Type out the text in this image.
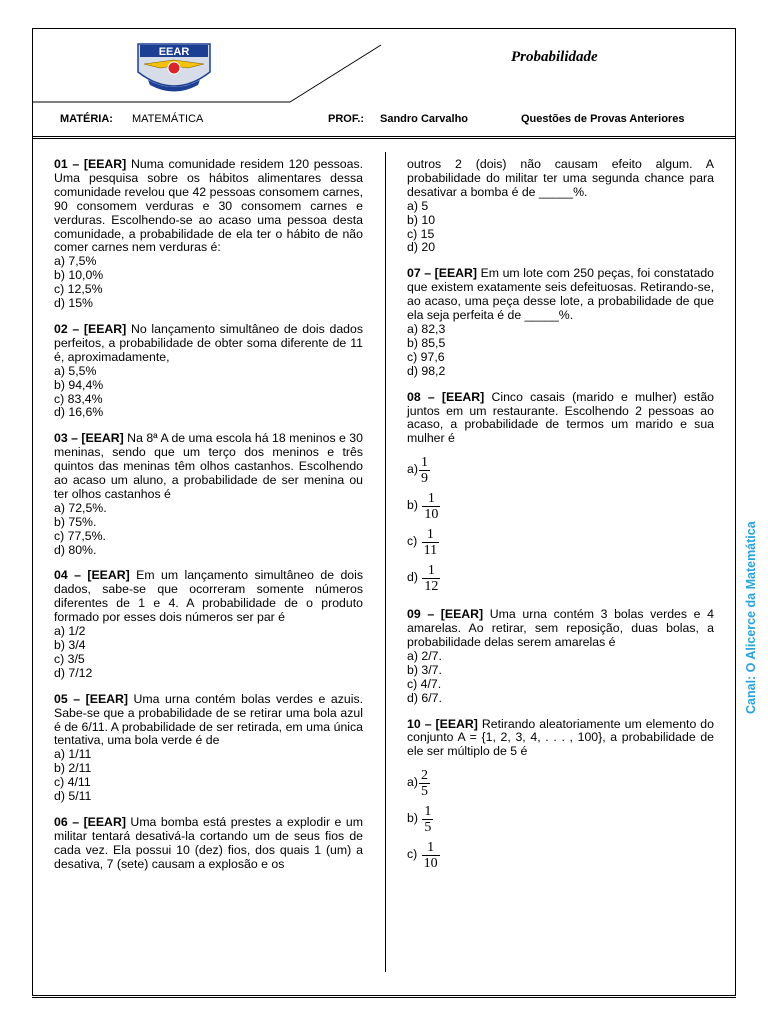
EEAR	Probabilidade
MATÉRIA: MATEMÁTICA	PROF.: Sandro Carvalho	Questões de Provas Anteriores

01 – [EEAR] Numa comunidade residem 120 pessoas. Uma pesquisa sobre os hábitos alimentares dessa comunidade revelou que 42 pessoas consomem carnes, 90 consomem verduras e 30 consomem carnes e verduras. Escolhendo-se ao acaso uma pessoa desta comunidade, a probabilidade de ela ter o hábito de não comer carnes nem verduras é:

a) 7,5%
b) 10,0%
c) 12,5%
d) 15%

02 – [EEAR] No lançamento simultâneo de dois dados perfeitos, a probabilidade de obter soma diferente de 11 é, aproximadamente,

a) 5,5%
b) 94,4%
c) 83,4%
d) 16,6%

03 – [EEAR] Na 8ª A de uma escola há 18 meninos e 30 meninas, sendo que um terço dos meninos e três quintos das meninas têm olhos castanhos. Escolhendo ao acaso um aluno, a probabilidade de ser menina ou ter olhos castanhos é

a) 72,5%.
b) 75%.
c) 77,5%.
d) 80%.

04 – [EEAR] Em um lançamento simultâneo de dois dados, sabe-se que ocorreram somente números diferentes de 1 e 4. A probabilidade de o produto formado por esses dois números ser par é

a) 1/2
b) 3/4
c) 3/5
d) 7/12

05 – [EEAR] Uma urna contém bolas verdes e azuis. Sabe-se que a probabilidade de se retirar uma bola azul é de 6/11. A probabilidade de ser retirada, em uma única tentativa, uma bola verde é de

a) 1/11
b) 2/11
c) 4/11
d) 5/11

06 – [EEAR] Uma bomba está prestes a explodir e um militar tentará desativá-la cortando um de seus fios de cada vez. Ela possui 10 (dez) fios, dos quais 1 (um) a desativa, 7 (sete) causam a explosão e os

outros 2 (dois) não causam efeito algum. A probabilidade do militar ter uma segunda chance para desativar a bomba é de _____%.

a) 5
b) 10
c) 15
d) 20

07 – [EEAR] Em um lote com 250 peças, foi constatado que existem exatamente seis defeituosas. Retirando-se, ao acaso, uma peça desse lote, a probabilidade de que ela seja perfeita é de _____%.

a) 82,3
b) 85,5
c) 97,6
d) 98,2

08 – [EEAR] Cinco casais (marido e mulher) estão juntos em um restaurante. Escolhendo 2 pessoas ao acaso, a probabilidade de termos um marido e sua mulher é

$a) \frac{1}{9}$
b)
$\frac{1}{10}$
c)
$\frac{1}{11}$
d)
$\frac{1}{12}$

09 – [EEAR] Uma urna contém 3 bolas verdes e 4 amarelas. Ao retirar, sem reposição, duas bolas, a probabilidade delas serem amarelas é

a) 2/7.
b) 3/7.
c) 4/7.
d) 6/7.

10 – [EEAR] Retirando aleatoriamente um elemento do conjunto A = {1, 2, 3, 4, . . . , 100}, a probabilidade de ele ser múltiplo de 5 é

$a) \frac{2}{5}$
b)
$\frac{1}{5}$
c)
$\frac{1}{10}$
Canal: O Alicerce da Matemática
